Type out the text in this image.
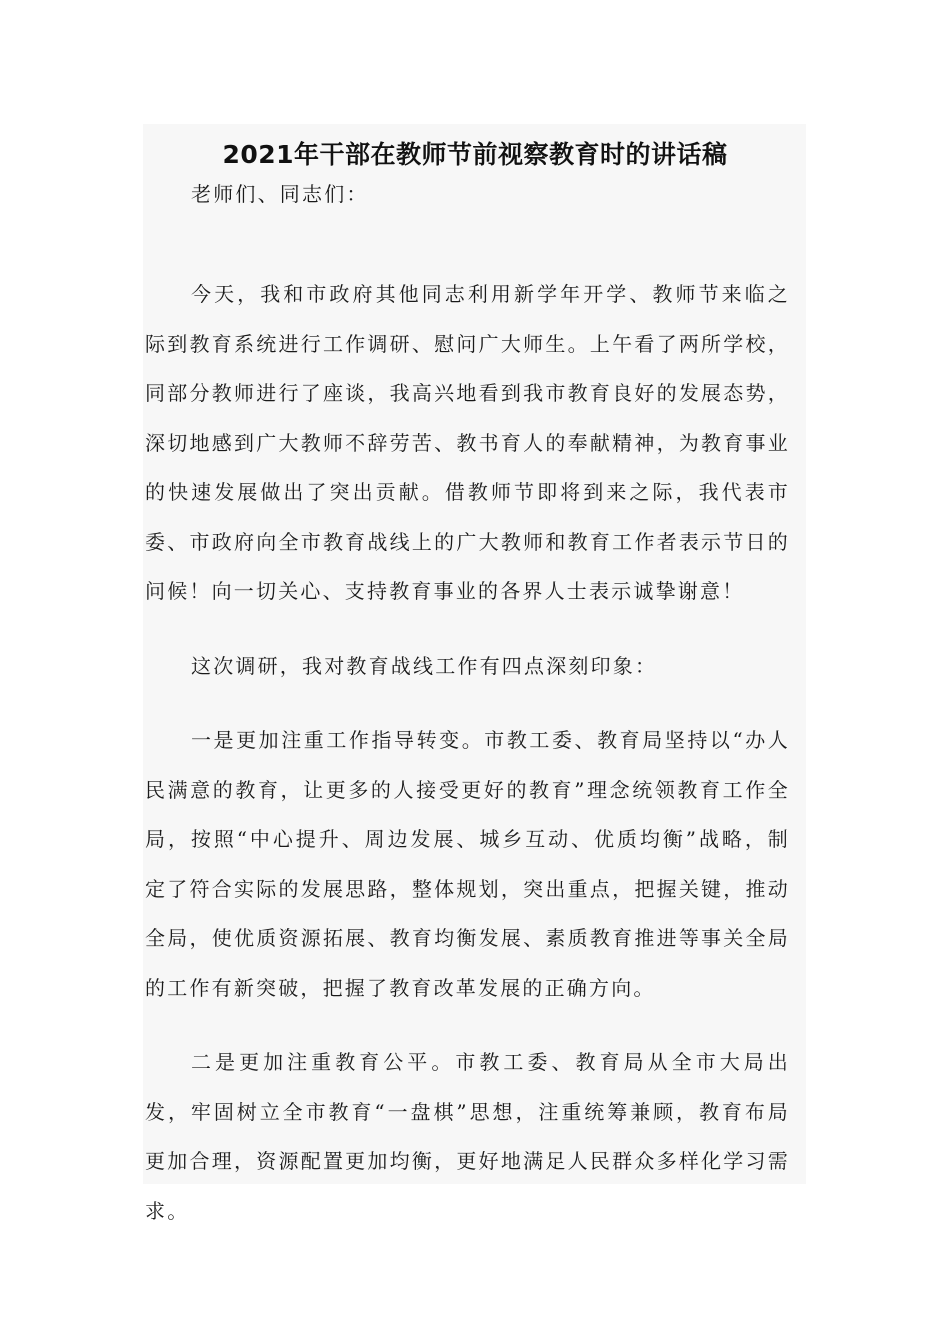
2021年干部在教师节前视察教育时的讲话稿

老师们、同志们：

今天，我和市政府其他同志利用新学年开学、教师节来临之际到教育系统进行工作调研、慰问广大师生。上午看了两所学校，同部分教师进行了座谈，我高兴地看到我市教育良好的发展态势，深切地感到广大教师不辞劳苦、教书育人的奉献精神，为教育事业的快速发展做出了突出贡献。借教师节即将到来之际，我代表市委、市政府向全市教育战线上的广大教师和教育工作者表示节日的问候！向一切关心、支持教育事业的各界人士表示诚挚谢意！

这次调研，我对教育战线工作有四点深刻印象：

一是更加注重工作指导转变。市教工委、教育局坚持以“办人民满意的教育，让更多的人接受更好的教育”理念统领教育工作全局，按照“中心提升、周边发展、城乡互动、优质均衡”战略，制定了符合实际的发展思路，整体规划，突出重点，把握关键，推动全局，使优质资源拓展、教育均衡发展、素质教育推进等事关全局的工作有新突破，把握了教育改革发展的正确方向。

二是更加注重教育公平。市教工委、教育局从全市大局出发，牢固树立全市教育“一盘棋”思想，注重统筹兼顾，教育布局更加合理，资源配置更加均衡，更好地满足人民群众多样化学习需求。
